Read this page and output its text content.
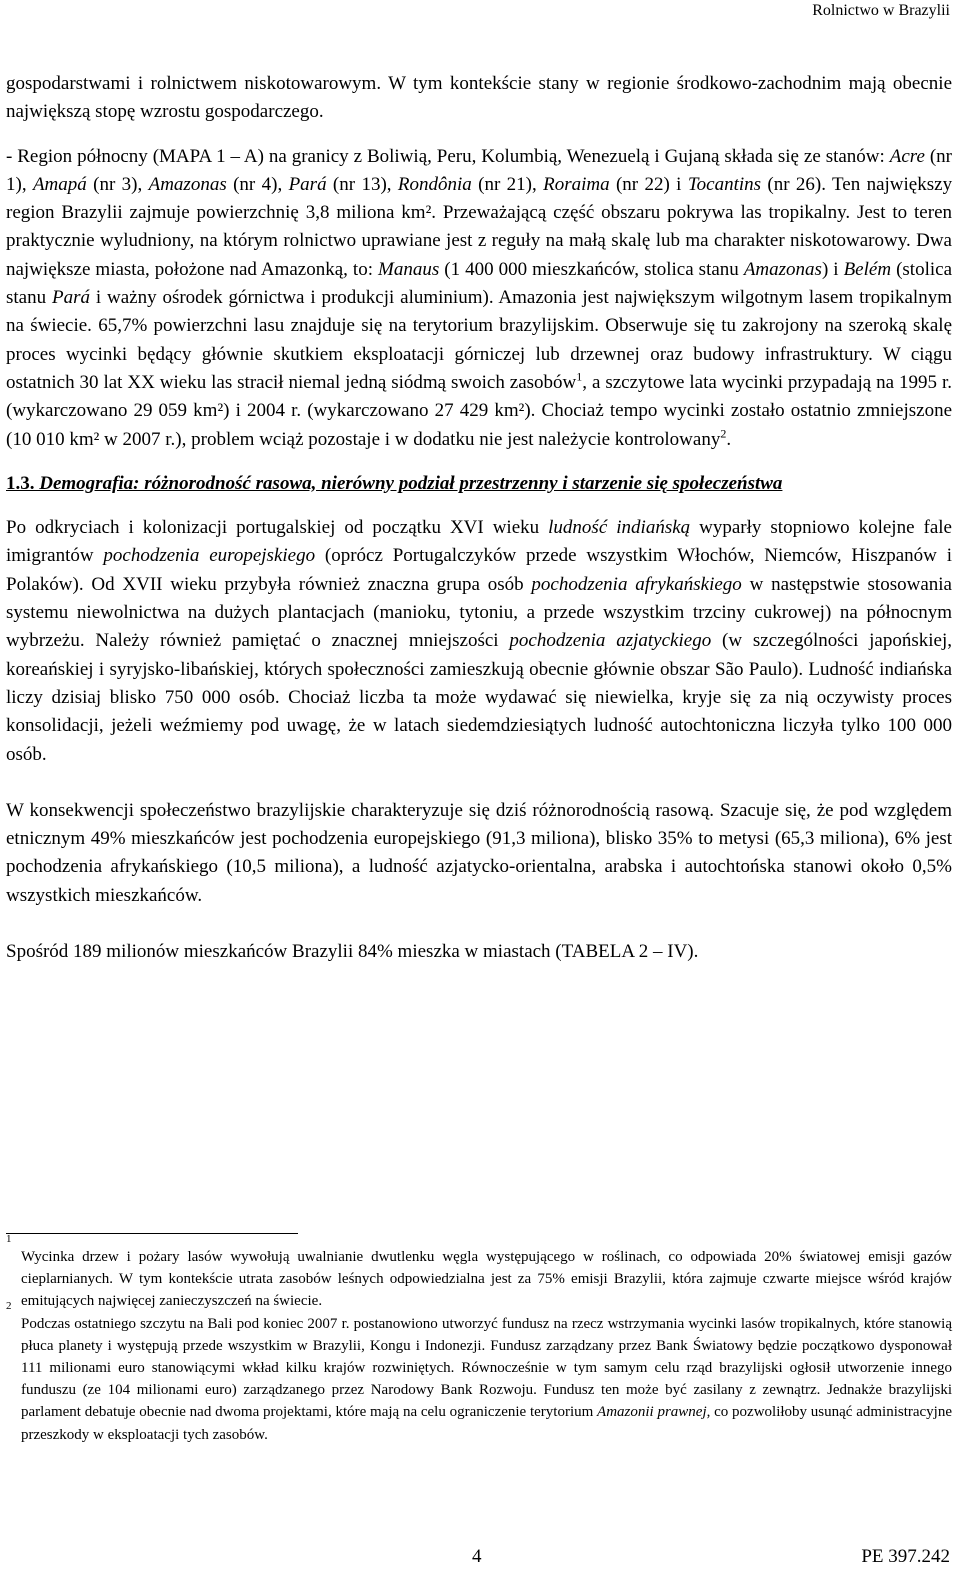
Rolnictwo w Brazylii

gospodarstwami i rolnictwem niskotowarowym. W tym kontekście stany w regionie środkowo-zachodnim mają obecnie największą stopę wzrostu gospodarczego.

- Region północny (MAPA 1 – A) na granicy z Boliwią, Peru, Kolumbią, Wenezuelą i Gujaną składa się ze stanów: Acre (nr 1), Amapá (nr 3), Amazonas (nr 4), Pará (nr 13), Rondônia (nr 21), Roraima (nr 22) i Tocantins (nr 26). Ten największy region Brazylii zajmuje powierzchnię 3,8 miliona km². Przeważającą część obszaru pokrywa las tropikalny. Jest to teren praktycznie wyludniony, na którym rolnictwo uprawiane jest z reguły na małą skalę lub ma charakter niskotowarowy. Dwa największe miasta, położone nad Amazonką, to: Manaus (1 400 000 mieszkańców, stolica stanu Amazonas) i Belém (stolica stanu Pará i ważny ośrodek górnictwa i produkcji aluminium). Amazonia jest największym wilgotnym lasem tropikalnym na świecie. 65,7% powierzchni lasu znajduje się na terytorium brazylijskim. Obserwuje się tu zakrojony na szeroką skalę proces wycinki będący głównie skutkiem eksploatacji górniczej lub drzewnej oraz budowy infrastruktury. W ciągu ostatnich 30 lat XX wieku las stracił niemal jedną siódmą swoich zasobów$^1$, a szczytowe lata wycinki przypadają na 1995 r. (wykarczowano 29 059 km²) i 2004 r. (wykarczowano 27 429 km²). Chociaż tempo wycinki zostało ostatnio zmniejszone (10 010 km² w 2007 r.), problem wciąż pozostaje i w dodatku nie jest należycie kontrolowany$^2$.

1.3. Demografia: różnorodność rasowa, nierówny podział przestrzenny i starzenie się społeczeństwa

Po odkryciach i kolonizacji portugalskiej od początku XVI wieku ludność indiańską wyparły stopniowo kolejne fale imigrantów pochodzenia europejskiego (oprócz Portugalczyków przede wszystkim Włochów, Niemców, Hiszpanów i Polaków). Od XVII wieku przybyła również znaczna grupa osób pochodzenia afrykańskiego w następstwie stosowania systemu niewolnictwa na dużych plantacjach (manioku, tytoniu, a przede wszystkim trzciny cukrowej) na północnym wybrzeżu. Należy również pamiętać o znacznej mniejszości pochodzenia azjatyckiego (w szczególności japońskiej, koreańskiej i syryjsko-libańskiej, których społeczności zamieszkują obecnie głównie obszar São Paulo). Ludność indiańska liczy dzisiaj blisko 750 000 osób. Chociaż liczba ta może wydawać się niewielka, kryje się za nią oczywisty proces konsolidacji, jeżeli weźmiemy pod uwagę, że w latach siedemdziesiątych ludność autochtoniczna liczyła tylko 100 000 osób.

W konsekwencji społeczeństwo brazylijskie charakteryzuje się dziś różnorodnością rasową. Szacuje się, że pod względem etnicznym 49% mieszkańców jest pochodzenia europejskiego (91,3 miliona), blisko 35% to metysi (65,3 miliona), 6% jest pochodzenia afrykańskiego (10,5 miliona), a ludność azjatycko-orientalna, arabska i autochtońska stanowi około 0,5% wszystkich mieszkańców.

Spośród 189 milionów mieszkańców Brazylii 84% mieszka w miastach (TABELA 2 – IV).

1
Wycinka drzew i pożary lasów wywołują uwalnianie dwutlenku węgla występującego w roślinach, co odpowiada 20% światowej emisji gazów cieplarnianych. W tym kontekście utrata zasobów leśnych odpowiedzialna jest za 75% emisji Brazylii, która zajmuje czwarte miejsce wśród krajów emitujących najwięcej zanieczyszczeń na świecie.
2
Podczas ostatniego szczytu na Bali pod koniec 2007 r. postanowiono utworzyć fundusz na rzecz wstrzymania wycinki lasów tropikalnych, które stanowią płuca planety i występują przede wszystkim w Brazylii, Kongu i Indonezji. Fundusz zarządzany przez Bank Światowy będzie początkowo dysponował 111 milionami euro stanowiącymi wkład kilku krajów rozwiniętych. Równocześnie w tym samym celu rząd brazylijski ogłosił utworzenie innego funduszu (ze 104 milionami euro) zarządzanego przez Narodowy Bank Rozwoju. Fundusz ten może być zasilany z zewnątrz. Jednakże brazylijski parlament debatuje obecnie nad dwoma projektami, które mają na celu ograniczenie terytorium Amazonii prawnej, co pozwoliłoby usunąć administracyjne przeszkody w eksploatacji tych zasobów.
4	PE 397.242
